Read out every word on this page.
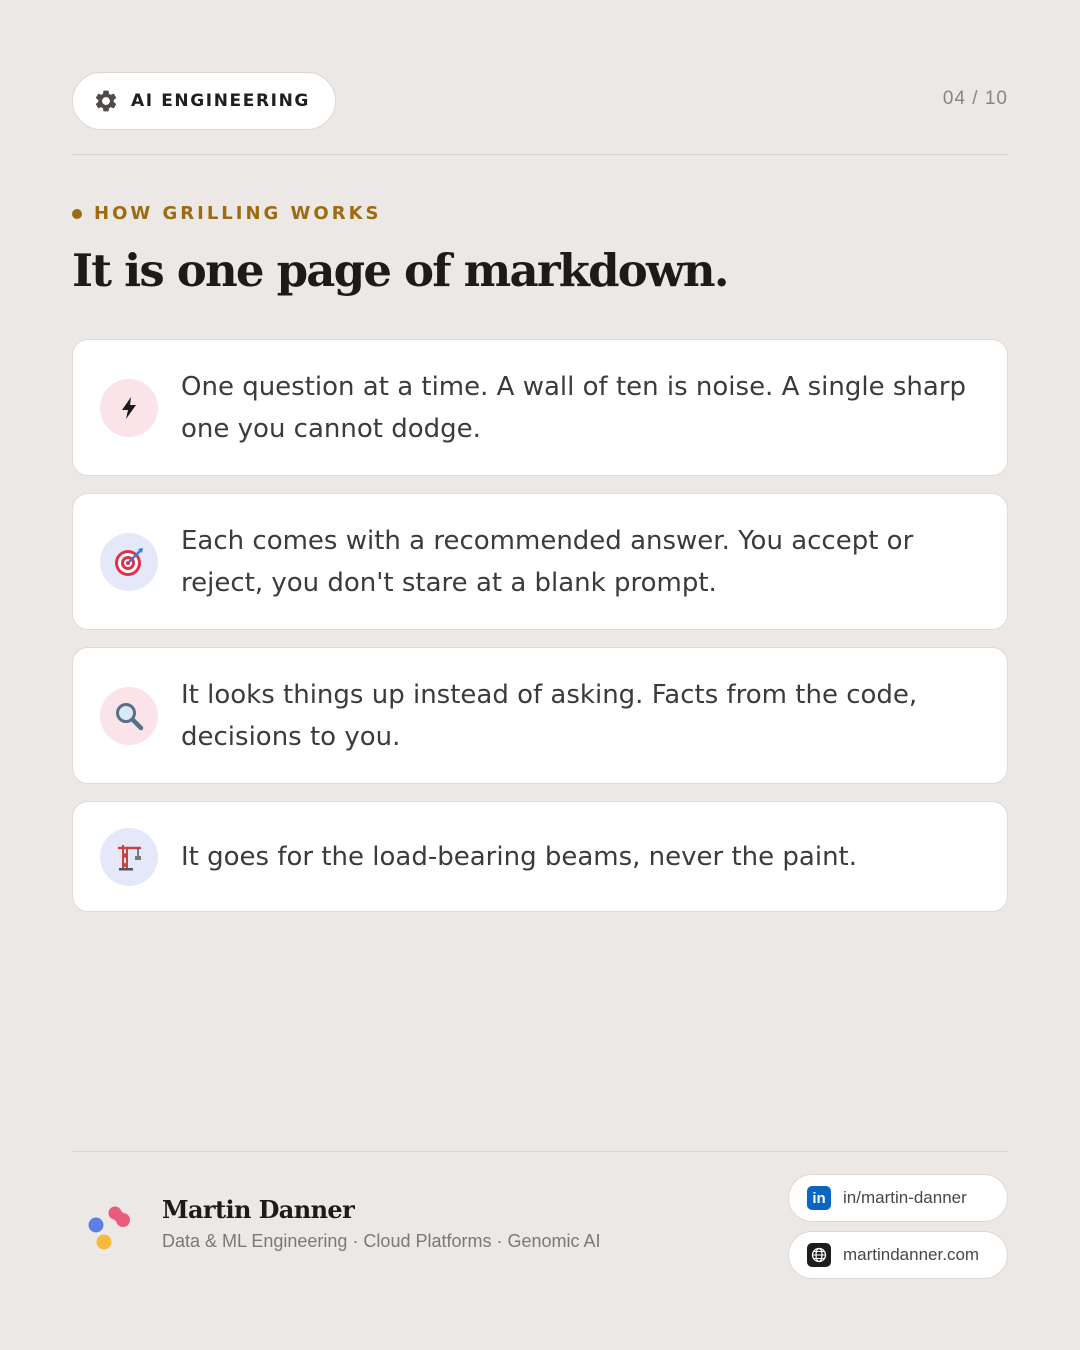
AI ENGINEERING	04 / 10
HOW GRILLING WORKS
It is one page of markdown.
One question at a time. A wall of ten is noise. A single sharp one you cannot dodge.
Each comes with a recommended answer. You accept or reject, you don't stare at a blank prompt.
It looks things up instead of asking. Facts from the code, decisions to you.
It goes for the load-bearing beams, never the paint.
Martin Danner
Data & ML Engineering · Cloud Platforms · Genomic AI
in	in/martin-danner
martindanner.com
